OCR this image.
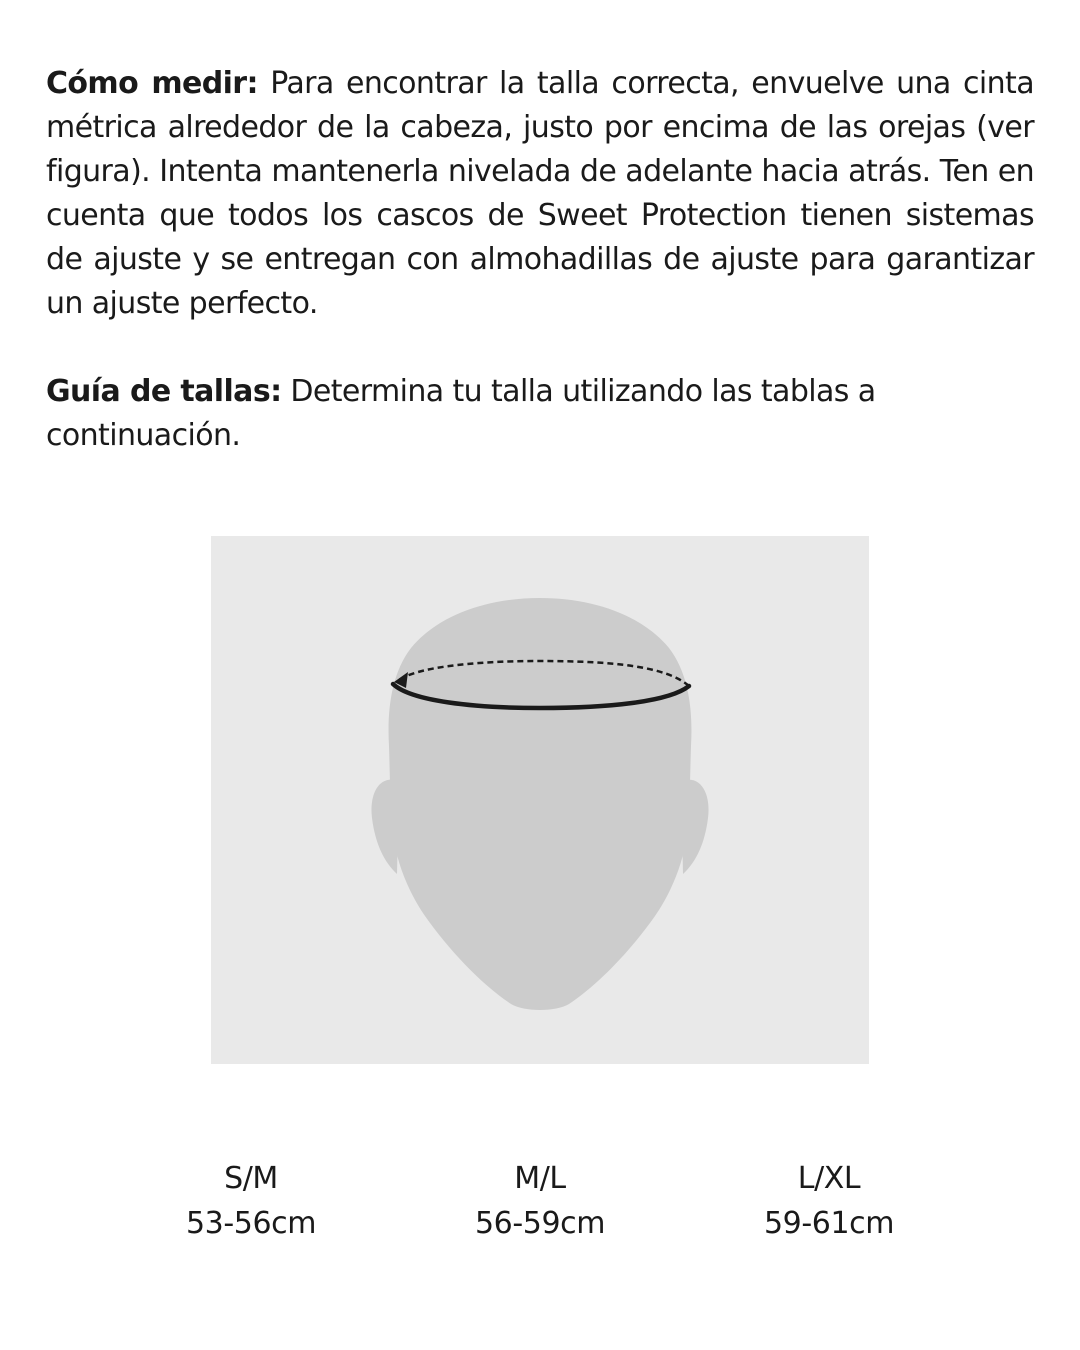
Cómo medir: Para encontrar la talla correcta, envuelve una cinta métrica alrededor de la cabeza, justo por encima de las orejas (ver figura). Intenta mantenerla nivelada de adelante hacia atrás. Ten en cuenta que todos los cascos de Sweet Protection tienen sistemas de ajuste y se entregan con almohadillas de ajuste para garantizar un ajuste perfecto.

Guía de tallas: Determina tu talla utilizando las tablas a continuación.

S/M
53-56cm
M/L
56-59cm
L/XL
59-61cm
